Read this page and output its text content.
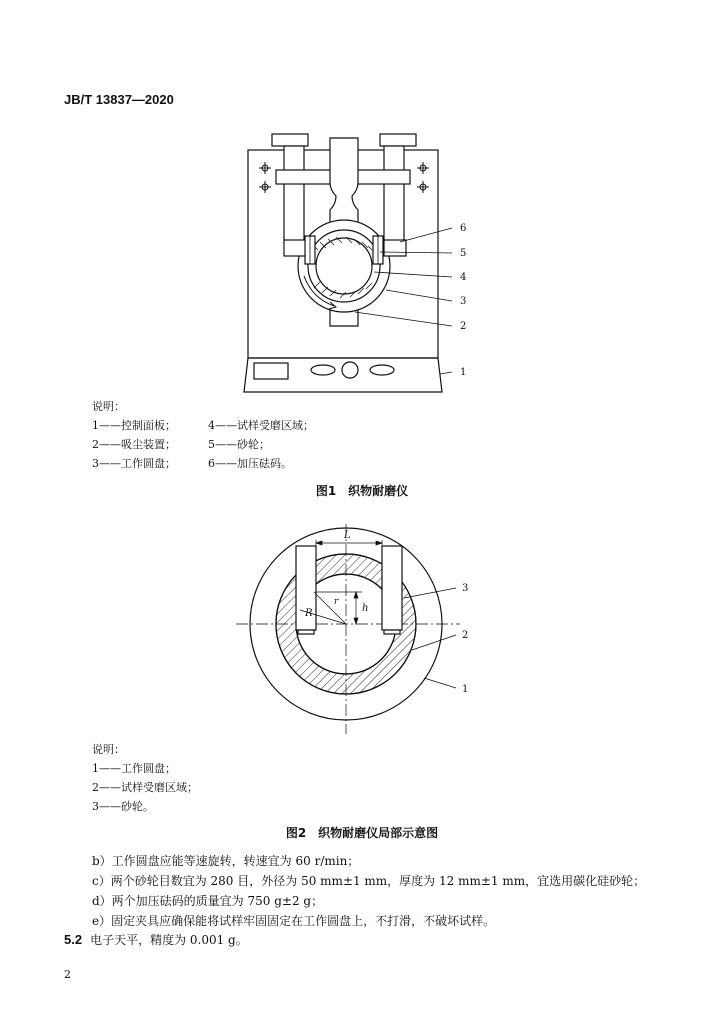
JB/T 13837—2020
6
5
4
3
2
1
说明：
1——控制面板；	4——试样受磨区域；
2——吸尘装置；	5——砂轮；
3——工作圆盘；	6——加压砝码。
图1　织物耐磨仪
L
R
r
h
3
2
1
说明：
1——工作圆盘；
2——试样受磨区域；
3——砂轮。
图2　织物耐磨仪局部示意图
b）工作圆盘应能等速旋转，转速宜为 60 r/min；
c）两个砂轮目数宜为 280 目，外径为 50 mm±1 mm，厚度为 12 mm±1 mm，宜选用碳化硅砂轮；
d）两个加压砝码的质量宜为 750 g±2 g；
e）固定夹具应确保能将试样牢固固定在工作圆盘上，不打滑，不破坏试样。
5.2 电子天平，精度为 0.001 g。
2
